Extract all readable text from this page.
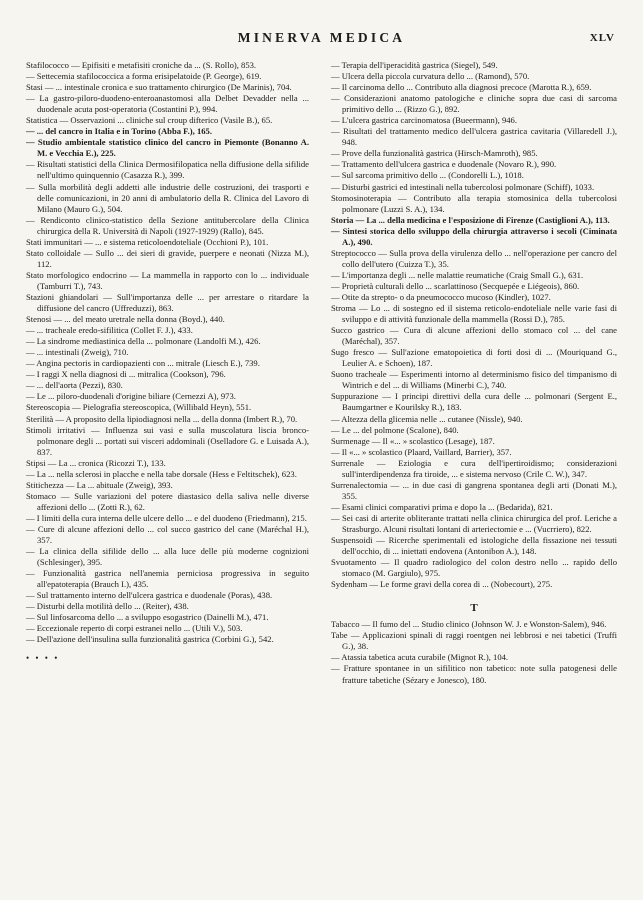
MINERVA MEDICA	XLV

Stafilococco — Epifisiti e metafisiti croniche da ... (S. Rollo), 853.

— Settecemia stafilococcica a forma erisipelatoide (P. George), 619.

Stasi — ... intestinale cronica e suo trattamento chirurgico (De Marinis), 704.

— La gastro-piloro-duodeno-enteroanastomosi alla Delbet Devadder nella ... duodenale acuta post-operatoria (Costantini P.), 994.

Statistica — Osservazioni ... cliniche sul croup difterico (Vasile B.), 65.

— ... del cancro in Italia e in Torino (Abba F.), 165.

— Studio ambientale statistico clinico del cancro in Piemonte (Bonanno A. M. e Vecchia E.), 225.

— Risultati statistici della Clinica Dermosifilopatica nella diffusione della sifilide nell'ultimo quinquennio (Casazza R.), 399.

— Sulla morbilità degli addetti alle industrie delle costruzioni, dei trasporti e delle comunicazioni, in 20 anni di ambulatorio della R. Clinica del Lavoro di Milano (Mauro G.), 504.

— Rendiconto clinico-statistico della Sezione antitubercolare della Clinica chirurgica della R. Università di Napoli (1927-1929) (Rallo), 845.

Stati immunitari — ... e sistema reticoloendoteliale (Occhioni P.), 101.

Stato colloidale — Sullo ... dei sieri di gravide, puerpere e neonati (Nizza M.), 112.

Stato morfologico endocrino — La mammella in rapporto con lo ... individuale (Tamburri T.), 743.

Stazioni ghiandolari — Sull'importanza delle ... per arrestare o ritardare la diffusione del cancro (Uffreduzzi), 863.

Stenosi — ... del meato uretrale nella donna (Boyd.), 440.

— ... tracheale eredo-sifilitica (Collet F. J.), 433.

— La sindrome mediastinica della ... polmonare (Landolfi M.), 426.

— ... intestinali (Zweig), 710.

— Angina pectoris in cardiopazienti con ... mitrale (Liesch E.), 739.

— I raggi X nella diagnosi di ... mitralica (Cookson), 796.

— ... dell'aorta (Pezzi), 830.

— Le ... piloro-duodenali d'origine biliare (Cernezzi A), 973.

Stereoscopia — Pielografia stereoscopica, (Willibald Heyn), 551.

Sterilità — A proposito della lipiodiagnosi nella ... della donna (Imbert R.), 70.

Stimoli irritativi — Influenza sui vasi e sulla muscolatura liscia bronco-polmonare degli ... portati sui visceri addominali (Oselladore G. e Luisada A.), 837.

Stipsi — La ... cronica (Ricozzi T.), 133.

— La ... nella sclerosi in placche e nella tabe dorsale (Hess e Feltitschek), 623.

Stitichezza — La ... abituale (Zweig), 393.

Stomaco — Sulle variazioni del potere diastasico della saliva nelle diverse affezioni dello ... (Zotti R.), 62.

— I limiti della cura interna delle ulcere dello ... e del duodeno (Friedmann), 215.

— Cure di alcune affezioni dello ... col succo gastrico del cane (Maréchal H.), 357.

— La clinica della sifilide dello ... alla luce delle più moderne cognizioni (Schlesinger), 395.

— Funzionalità gastrica nell'anemia perniciosa progressiva in seguito all'epatoterapia (Brauch I.), 435.

— Sul trattamento interno dell'ulcera gastrica e duodenale (Poras), 438.

— Disturbi della motilità dello ... (Reiter), 438.

— Sul linfosarcoma dello ... a sviluppo esogastrico (Dainelli M.), 471.

— Eccezionale reperto di corpi estranei nello ... (Utili V.), 503.

— Dell'azione dell'insulina sulla funzionalità gastrica (Corbini G.), 542.

• • • •

— Terapia dell'iperacidità gastrica (Siegel), 549.

— Ulcera della piccola curvatura dello ... (Ramond), 570.

— Il carcinoma dello ... Contributo alla diagnosi precoce (Marotta R.), 659.

— Considerazioni anatomo patologiche e cliniche sopra due casi di sarcoma primitivo dello ... (Rizzo G.), 892.

— L'ulcera gastrica carcinomatosa (Bueermann), 946.

— Risultati del trattamento medico dell'ulcera gastrica cavitaria (Villaredell J.), 948.

— Prove della funzionalità gastrica (Hirsch-Mamroth), 985.

— Trattamento dell'ulcera gastrica e duodenale (Novaro R.), 990.

— Sul sarcoma primitivo dello ... (Condorelli L.), 1018.

— Disturbi gastrici ed intestinali nella tubercolosi polmonare (Schiff), 1033.

Stomosinoterapia — Contributo alla terapia stomosinica della tubercolosi polmonare (Luzzi S. A.), 134.

Storia — La ... della medicina e l'esposizione di Firenze (Castiglioni A.), 113.

— Sintesi storica dello sviluppo della chirurgia attraverso i secoli (Ciminata A.), 490.

Streptococco — Sulla prova della virulenza dello ... nell'operazione per cancro del collo dell'utero (Cuizza T.), 35.

— L'importanza degli ... nelle malattie reumatiche (Craig Small G.), 631.

— Proprietà culturali dello ... scarlattinoso (Secquepée e Liégeois), 860.

— Otite da strepto- o da pneumococco mucoso (Kindler), 1027.

Stroma — Lo ... di sostegno ed il sistema reticolo-endoteliale nelle varie fasi di sviluppo e di attività funzionale della mammella (Rossi D.), 785.

Succo gastrico — Cura di alcune affezioni dello stomaco col ... del cane (Maréchal), 357.

Sugo fresco — Sull'azione ematopoietica di forti dosi di ... (Mouriquand G., Leulier A. e Schoen), 187.

Suono tracheale — Esperimenti intorno al determinismo fisico del timpanismo di Wintrich e del ... di Williams (Minerbi C.), 740.

Suppurazione — I principi direttivi della cura delle ... polmonari (Sergent E., Baumgartner e Kourilsky R.), 183.

— Altezza della glicemia nelle ... cutanee (Nissle), 940.

— Le ... del polmone (Scalone), 840.

Surmenage — Il «... » scolastico (Lesage), 187.

— Il «... » scolastico (Plaard, Vaillard, Barrier), 357.

Surrenale — Eziologia e cura dell'ipertiroidismo; considerazioni sull'interdipendenza fra tiroide, ... e sistema nervoso (Crile C. W.), 347.

Surrenalectomia — ... in due casi di gangrena spontanea degli arti (Donati M.), 355.

— Esami clinici comparativi prima e dopo la ... (Bedarida), 821.

— Sei casi di arterite obliterante trattati nella clinica chirurgica del prof. Leriche a Strasburgo. Alcuni risultati lontani di arteriectomie e ... (Vucrriero), 822.

Suspensoidi — Ricerche sperimentali ed istologiche della fissazione nei tessuti dell'occhio, di ... iniettati endovena (Antonibon A.), 148.

Svuotamento — Il quadro radiologico del colon destro nello ... rapido dello stomaco (M. Gargiulo), 975.

Sydenham — Le forme gravi della corea di ... (Nobecourt), 275.

T

Tabacco — Il fumo del ... Studio clinico (Johnson W. J. e Wonston-Salem), 946.

Tabe — Applicazioni spinali di raggi roentgen nei lebbrosi e nei tabetici (Truffi G.), 38.

— Atassia tabetica acuta curabile (Mignot R.), 104.

— Fratture spontanee in un sifilitico non tabetico: note sulla patogenesi delle fratture tabetiche (Sézary e Jonesco), 180.
